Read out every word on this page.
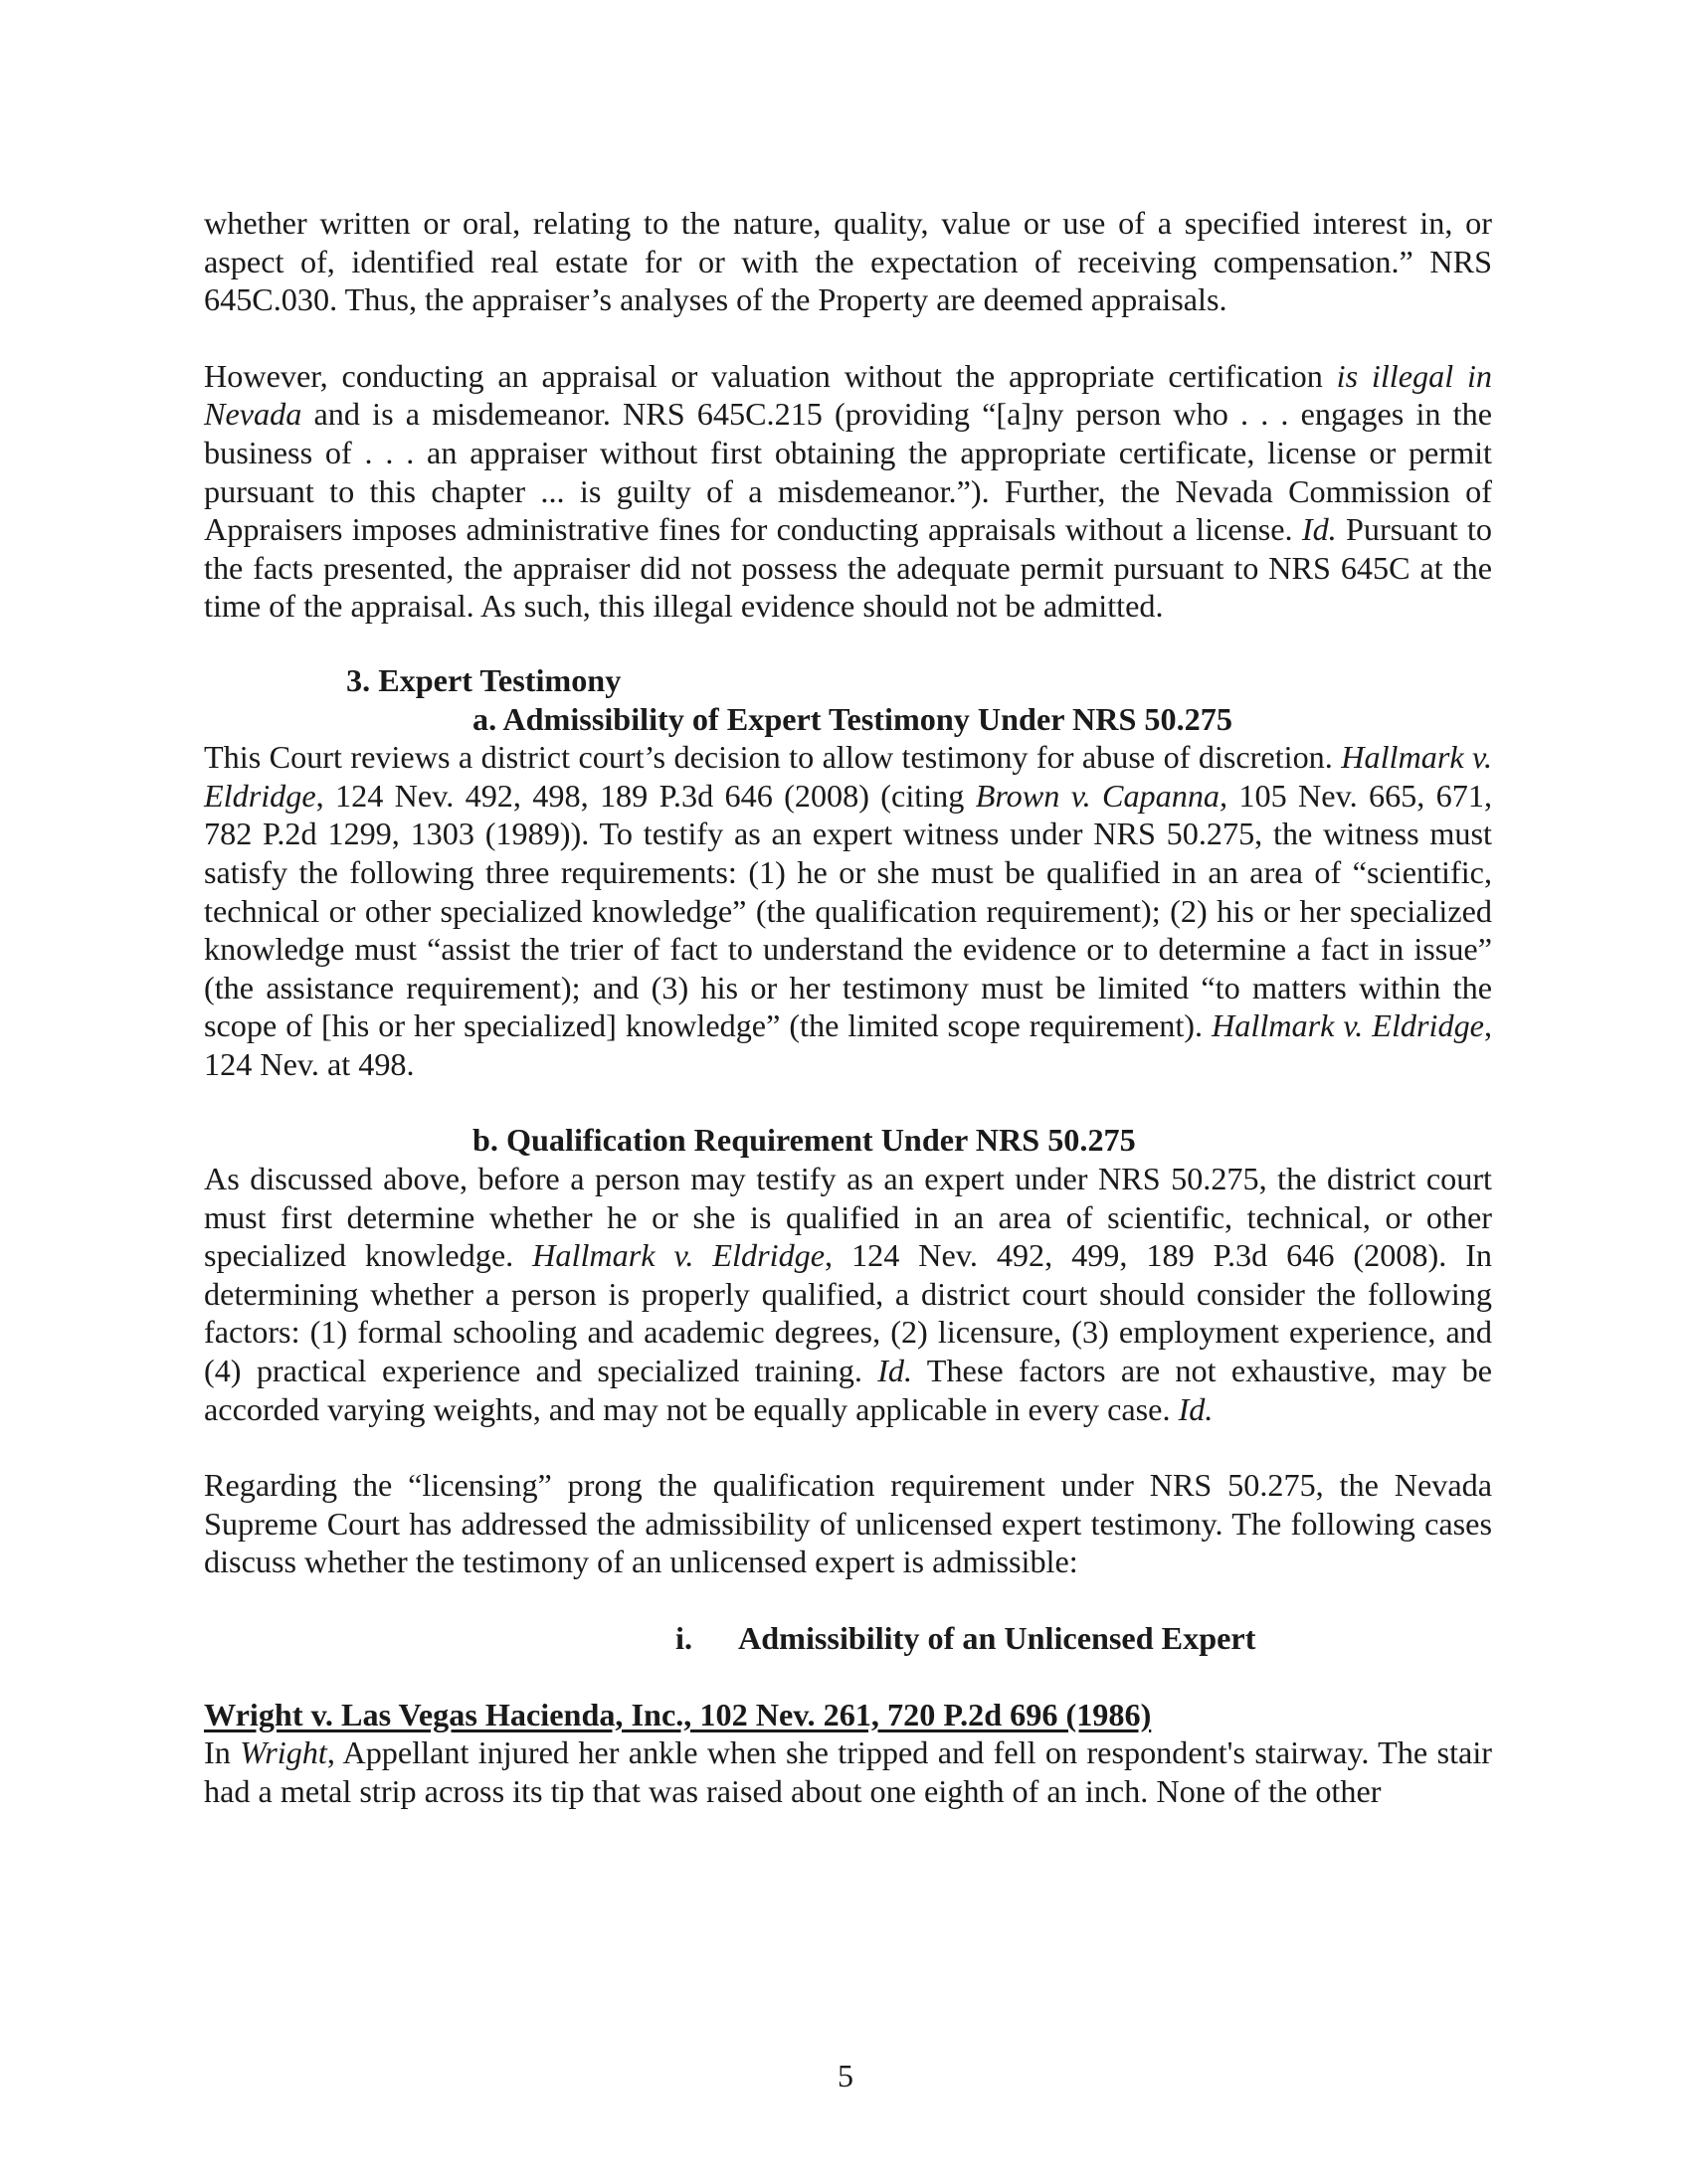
whether written or oral, relating to the nature, quality, value or use of a specified interest in, or aspect of, identified real estate for or with the expectation of receiving compensation.” NRS 645C.030. Thus, the appraiser’s analyses of the Property are deemed appraisals.

However, conducting an appraisal or valuation without the appropriate certification is illegal in Nevada and is a misdemeanor. NRS 645C.215 (providing “[a]ny person who . . . engages in the business of . . . an appraiser without first obtaining the appropriate certificate, license or permit pursuant to this chapter ... is guilty of a misdemeanor.”). Further, the Nevada Commission of Appraisers imposes administrative fines for conducting appraisals without a license. Id. Pursuant to the facts presented, the appraiser did not possess the adequate permit pursuant to NRS 645C at the time of the appraisal. As such, this illegal evidence should not be admitted.

3. Expert Testimony
a. Admissibility of Expert Testimony Under NRS 50.275

This Court reviews a district court’s decision to allow testimony for abuse of discretion. Hallmark v. Eldridge, 124 Nev. 492, 498, 189 P.3d 646 (2008) (citing Brown v. Capanna, 105 Nev. 665, 671, 782 P.2d 1299, 1303 (1989)). To testify as an expert witness under NRS 50.275, the witness must satisfy the following three requirements: (1) he or she must be qualified in an area of “scientific, technical or other specialized knowledge” (the qualification requirement); (2) his or her specialized knowledge must “assist the trier of fact to understand the evidence or to determine a fact in issue” (the assistance requirement); and (3) his or her testimony must be limited “to matters within the scope of [his or her specialized] knowledge” (the limited scope requirement). Hallmark v. Eldridge, 124 Nev. at 498.

b. Qualification Requirement Under NRS 50.275

As discussed above, before a person may testify as an expert under NRS 50.275, the district court must first determine whether he or she is qualified in an area of scientific, technical, or other specialized knowledge. Hallmark v. Eldridge, 124 Nev. 492, 499, 189 P.3d 646 (2008). In determining whether a person is properly qualified, a district court should consider the following factors: (1) formal schooling and academic degrees, (2) licensure, (3) employment experience, and (4) practical experience and specialized training. Id. These factors are not exhaustive, may be accorded varying weights, and may not be equally applicable in every case. Id.

Regarding the “licensing” prong the qualification requirement under NRS 50.275, the Nevada Supreme Court has addressed the admissibility of unlicensed expert testimony. The following cases discuss whether the testimony of an unlicensed expert is admissible:

i. Admissibility of an Unlicensed Expert

Wright v. Las Vegas Hacienda, Inc., 102 Nev. 261, 720 P.2d 696 (1986)

In Wright, Appellant injured her ankle when she tripped and fell on respondent's stairway. The stair had a metal strip across its tip that was raised about one eighth of an inch. None of the other

5
